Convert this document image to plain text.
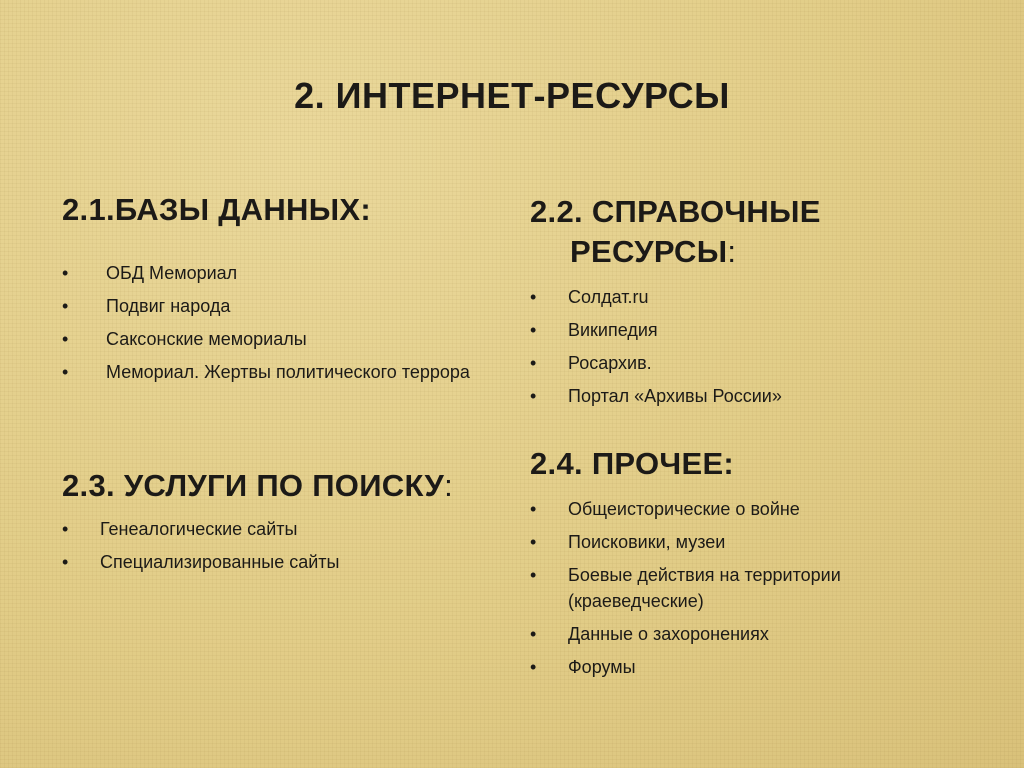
2. ИНТЕРНЕТ-РЕСУРСЫ
2.1.БАЗЫ ДАННЫХ:
•	ОБД Мемориал
•	Подвиг народа
•	Саксонские мемориалы
•	Мемориал. Жертвы политического террора
2.3. УСЛУГИ ПО ПОИСКУ:
•	Генеалогические сайты
•	Специализированные сайты
2.2. СПРАВОЧНЫЕ
РЕСУРСЫ:
•	Солдат.ru
•	Википедия
•	Росархив.
•	Портал «Архивы России»
2.4. ПРОЧЕЕ:
•	Общеисторические о войне
•	Поисковики, музеи
•	Боевые действия на территории (краеведческие)
•	Данные о захоронениях
•	Форумы
